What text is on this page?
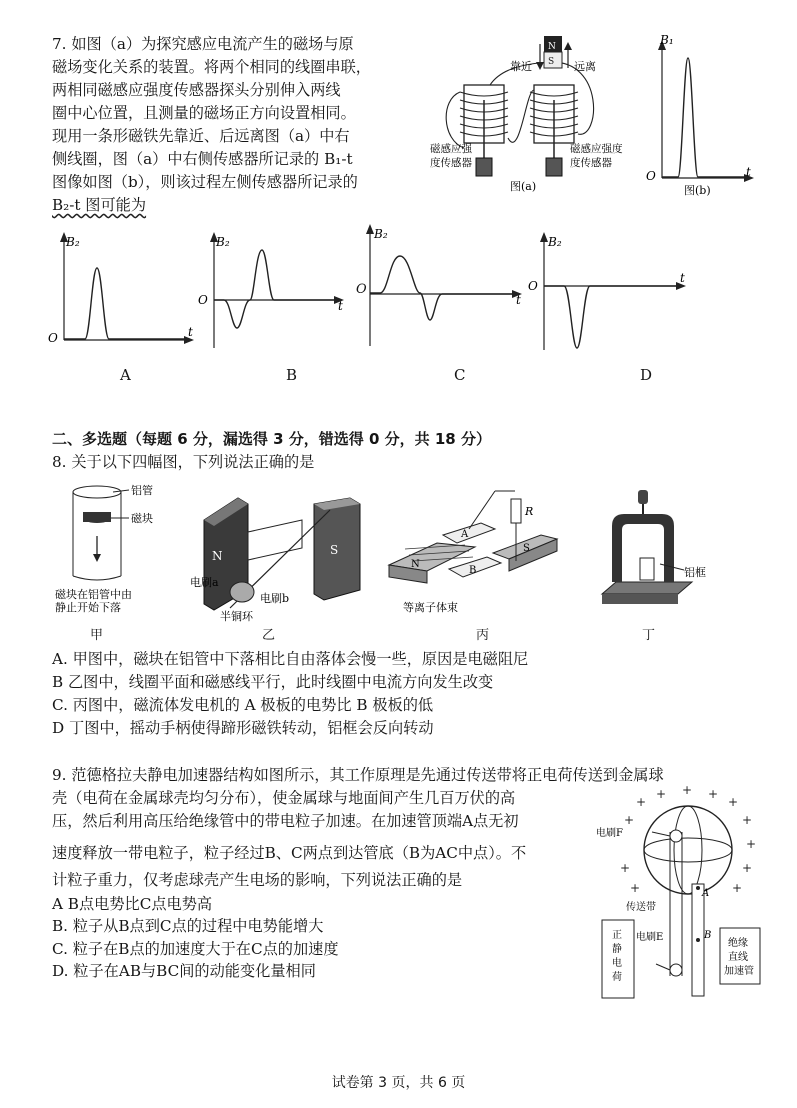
7. 如图（a）为探究感应电流产生的磁场与原
磁场变化关系的装置。将两个相同的线圈串联，
两相同磁感应强度传感器探头分别伸入两线
圈中心位置，且测量的磁场正方向设置相同。
现用一条形磁铁先靠近、后远离图（a）中右
侧线圈，图（a）中右侧传感器所记录的 B₁-t
图像如图（b），则该过程左侧传感器所记录的
B₂-t 图可能为
N
S
靠近	远离
磁感应强
度传感器
磁感应强度
度传感器
图(a)
B₁
O	t
图(b)
B₂
O	t
A
B₂
O	t
B
B₂
t
C
O
B₂
O
t
D
二、多选题（每题 6 分，漏选得 3 分，错选得 0 分，共 18 分）
8. 关于以下四幅图，下列说法正确的是
铝管
磁块
磁块在铝管中由
静止开始下落
甲
N	S
电刷a
电刷b
半铜环
乙
R
A
B
N
S
等离子体束
丙
铝框
丁
A. 甲图中，磁块在铝管中下落相比自由落体会慢一些，原因是电磁阻尼
B 乙图中，线圈平面和磁感线平行，此时线圈中电流方向发生改变
C. 丙图中，磁流体发电机的 A 极板的电势比 B 极板的低
D 丁图中，摇动手柄使得蹄形磁铁转动，铝框会反向转动
9. 范德格拉夫静电加速器结构如图所示，其工作原理是先通过传送带将正电荷传送到金属球
壳（电荷在金属球壳均匀分布），使金属球与地面间产生几百万伏的高
压，然后利用高压给绝缘管中的带电粒子加速。在加速管顶端A点无初
速度释放一带电粒子，粒子经过B、C两点到达管底（B为AC中点）。不
计粒子重力，仅考虑球壳产生电场的影响，下列说法正确的是
A B点电势比C点电势高
B. 粒子从B点到C点的过程中电势能增大
C. 粒子在B点的加速度大于在C点的加速度
D. 粒子在AB与BC间的动能变化量相同
+
+ + +
+
+
+
+
+
+
+
+
电刷F
传送带
电刷E
A
B
正
静
电
荷
绝缘
直线
加速管
试卷第 3 页，共 6 页
